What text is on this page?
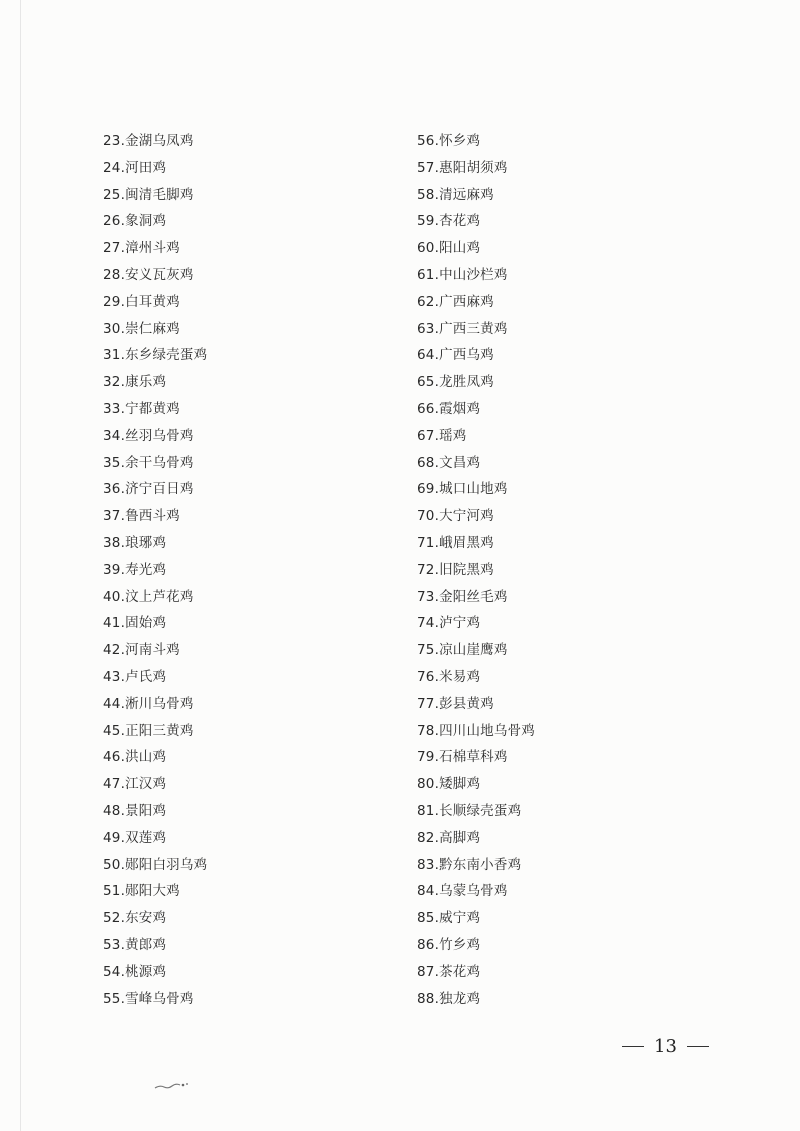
23.金湖乌凤鸡
24.河田鸡
25.闽清毛脚鸡
26.象洞鸡
27.漳州斗鸡
28.安义瓦灰鸡
29.白耳黄鸡
30.崇仁麻鸡
31.东乡绿壳蛋鸡
32.康乐鸡
33.宁都黄鸡
34.丝羽乌骨鸡
35.余干乌骨鸡
36.济宁百日鸡
37.鲁西斗鸡
38.琅琊鸡
39.寿光鸡
40.汶上芦花鸡
41.固始鸡
42.河南斗鸡
43.卢氏鸡
44.淅川乌骨鸡
45.正阳三黄鸡
46.洪山鸡
47.江汉鸡
48.景阳鸡
49.双莲鸡
50.郧阳白羽乌鸡
51.郧阳大鸡
52.东安鸡
53.黄郎鸡
54.桃源鸡
55.雪峰乌骨鸡
56.怀乡鸡
57.惠阳胡须鸡
58.清远麻鸡
59.杏花鸡
60.阳山鸡
61.中山沙栏鸡
62.广西麻鸡
63.广西三黄鸡
64.广西乌鸡
65.龙胜凤鸡
66.霞烟鸡
67.瑶鸡
68.文昌鸡
69.城口山地鸡
70.大宁河鸡
71.峨眉黑鸡
72.旧院黑鸡
73.金阳丝毛鸡
74.泸宁鸡
75.凉山崖鹰鸡
76.米易鸡
77.彭县黄鸡
78.四川山地乌骨鸡
79.石棉草科鸡
80.矮脚鸡
81.长顺绿壳蛋鸡
82.高脚鸡
83.黔东南小香鸡
84.乌蒙乌骨鸡
85.威宁鸡
86.竹乡鸡
87.茶花鸡
88.独龙鸡
13
